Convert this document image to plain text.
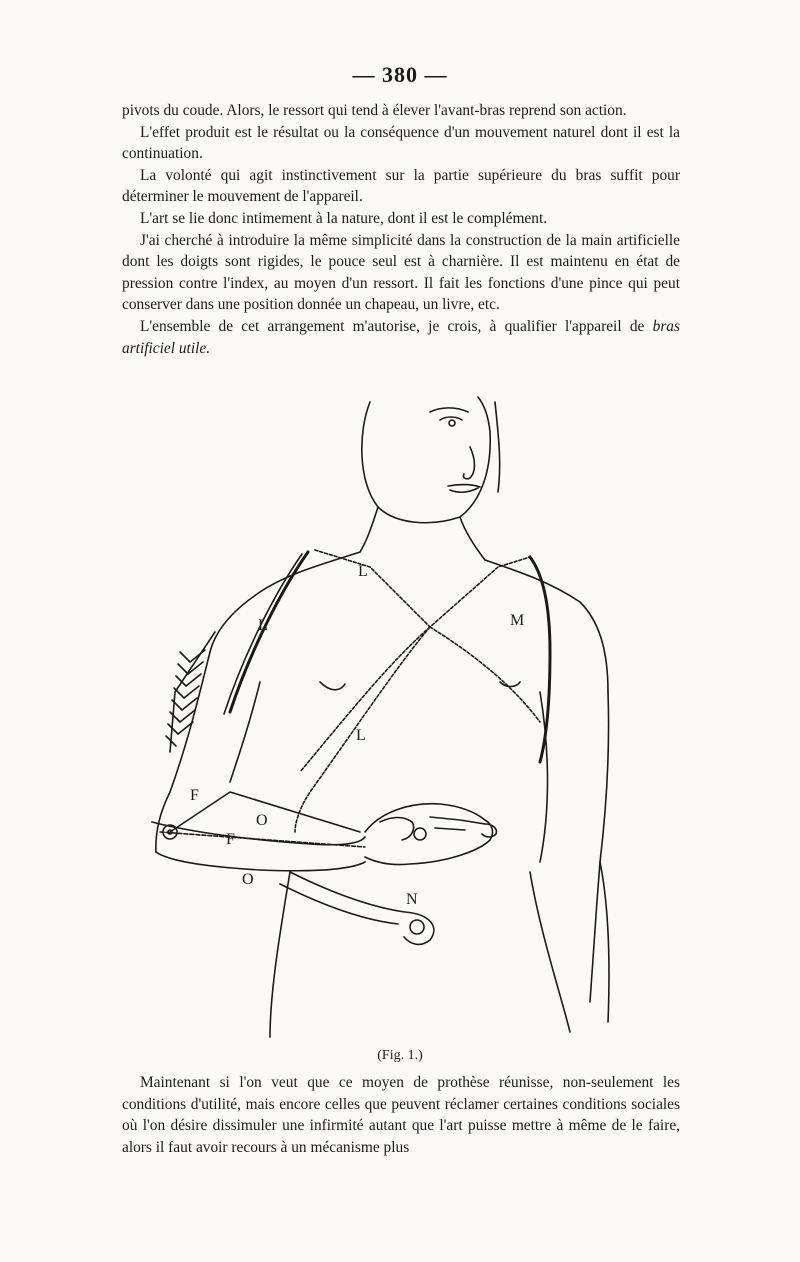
— 380 —

pivots du coude. Alors, le ressort qui tend à élever l'avant-bras reprend son action.

L'effet produit est le résultat ou la conséquence d'un mouvement naturel dont il est la continuation.

La volonté qui agit instinctivement sur la partie supérieure du bras suffit pour déterminer le mouvement de l'appareil.

L'art se lie donc intimement à la nature, dont il est le complément.

J'ai cherché à introduire la même simplicité dans la construction de la main artificielle dont les doigts sont rigides, le pouce seul est à charnière. Il est maintenu en état de pression contre l'index, au moyen d'un ressort. Il fait les fonctions d'une pince qui peut conserver dans une position donnée un chapeau, un livre, etc.

L'ensemble de cet arrangement m'autorise, je crois, à qualifier l'appareil de bras artificiel utile.

L
L	M
L
F
O
F
O
N
(Fig. 1.)

Maintenant si l'on veut que ce moyen de prothèse réunisse, non-seulement les conditions d'utilité, mais encore celles que peuvent réclamer certaines conditions sociales où l'on désire dissimuler une infirmité autant que l'art puisse mettre à même de le faire, alors il faut avoir recours à un mécanisme plus
